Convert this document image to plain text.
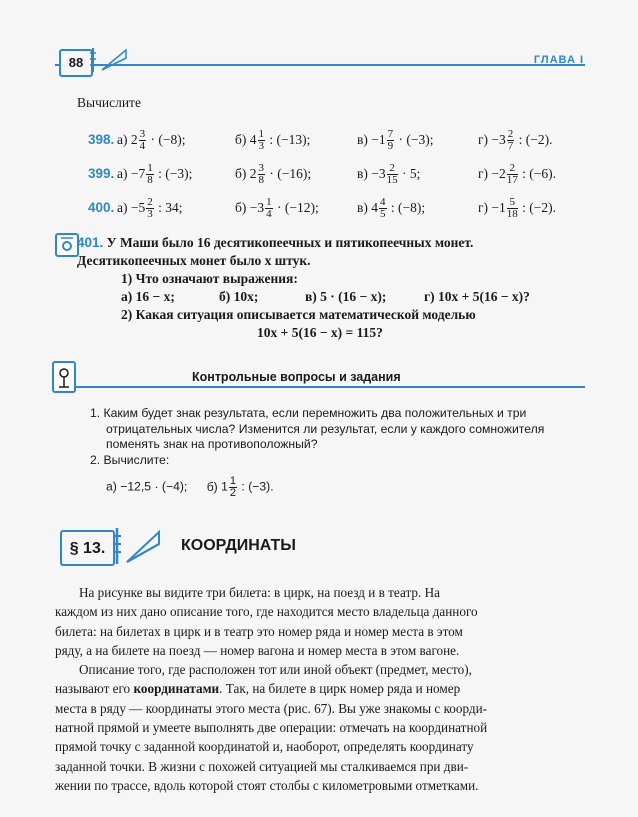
88	ГЛАВА I
Вычислите
398. а) $2 \frac{3}{4} \cdot (-8)$;	б) $4 \frac{1}{3}$ : (−13);	$в) -1 \frac{7}{9} \cdot (-3)$;	$г) -3 \frac{2}{7}$ : (−2).
399. $а) -7 \frac{1}{8}$ : (−3);	б) $2 \frac{3}{8} \cdot (-16)$;	$в) -3 \frac{2}{15} \cdot 5$;	$г) -2 \frac{2}{17}$ : (−6).
400. $а) -5 \frac{2}{3}$ : 34;	$б) -3 \frac{1}{4} \cdot (-12)$;	в) $4 \frac{4}{5}$ : (−8);	$г) -1 \frac{5}{18}$ : (−2).
401. У Маши было 16 десятикопеечных и пятикопеечных монет.
Десятикопеечных монет было x штук.
1) Что означают выражения:
а) 16 − x;	б) 10x;	в) 5 · (16 − x);	г) 10x + 5(16 − x)?
2) Какая ситуация описывается математической моделью
10x + 5(16 − x) = 115?
Контрольные вопросы и задания
1. Каким будет знак результата, если перемножить два положительных и три
отрицательных числа? Изменится ли результат, если у каждого сомножителя
поменять знак на противоположный?
2. Вычислите:
а) −12,5 · (−4); б) $1 \frac{1}{2}$ : (−3).
§ 13.	КООРДИНАТЫ
На рисунке вы видите три билета: в цирк, на поезд и в театр. На
каждом из них дано описание того, где находится место владельца данного
билета: на билетах в цирк и в театр это номер ряда и номер места в этом
ряду, а на билете на поезд — номер вагона и номер места в этом вагоне.
Описание того, где расположен тот или иной объект (предмет, место),
называют его координатами. Так, на билете в цирк номер ряда и номер
места в ряду — координаты этого места (рис. 67). Вы уже знакомы с коорди-
натной прямой и умеете выполнять две операции: отмечать на координатной
прямой точку с заданной координатой и, наоборот, определять координату
заданной точки. В жизни с похожей ситуацией мы сталкиваемся при дви-
жении по трассе, вдоль которой стоят столбы с километровыми отметками.
